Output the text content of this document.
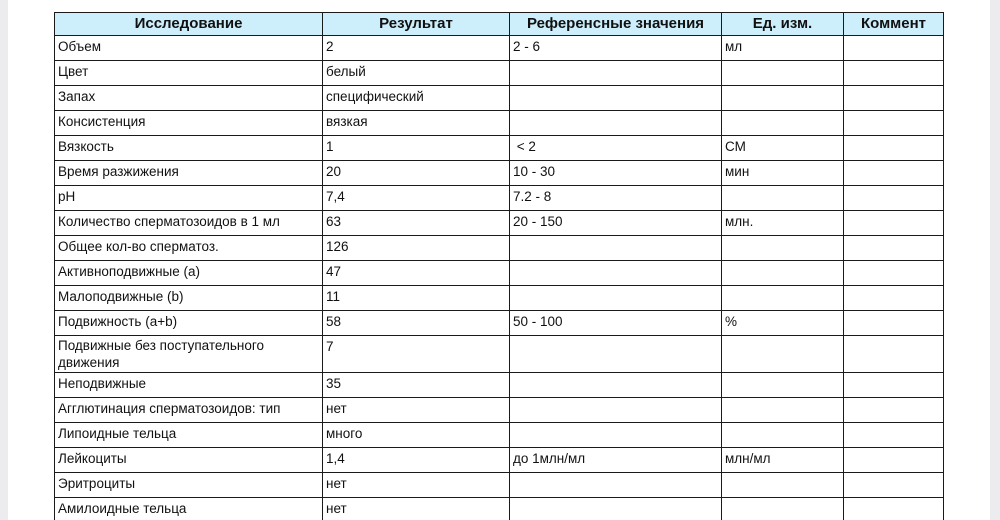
Исследование	Результат	Референсные значения	Ед. изм.	Коммент
Объем	2	2 - 6	мл	
Цвет	белый			
Запах	специфический			
Консистенция	вязкая			
Вязкость	1	< 2	СМ	
Время разжижения	20	10 - 30	мин	
pH	7,4	7.2 - 8		
Количество сперматозоидов в 1 мл	63	20 - 150	млн.	
Общее кол-во сперматоз.	126			
Активноподвижные (a)	47			
Малоподвижные (b)	11			
Подвижность (a+b)	58	50 - 100	%	
Подвижные без поступательного движения	7			
Неподвижные	35			
Агглютинация сперматозоидов: тип	нет			
Липоидные тельца	много			
Лейкоциты	1,4	до 1млн/мл	млн/мл	
Эритроциты	нет			
Амилоидные тельца	нет			
